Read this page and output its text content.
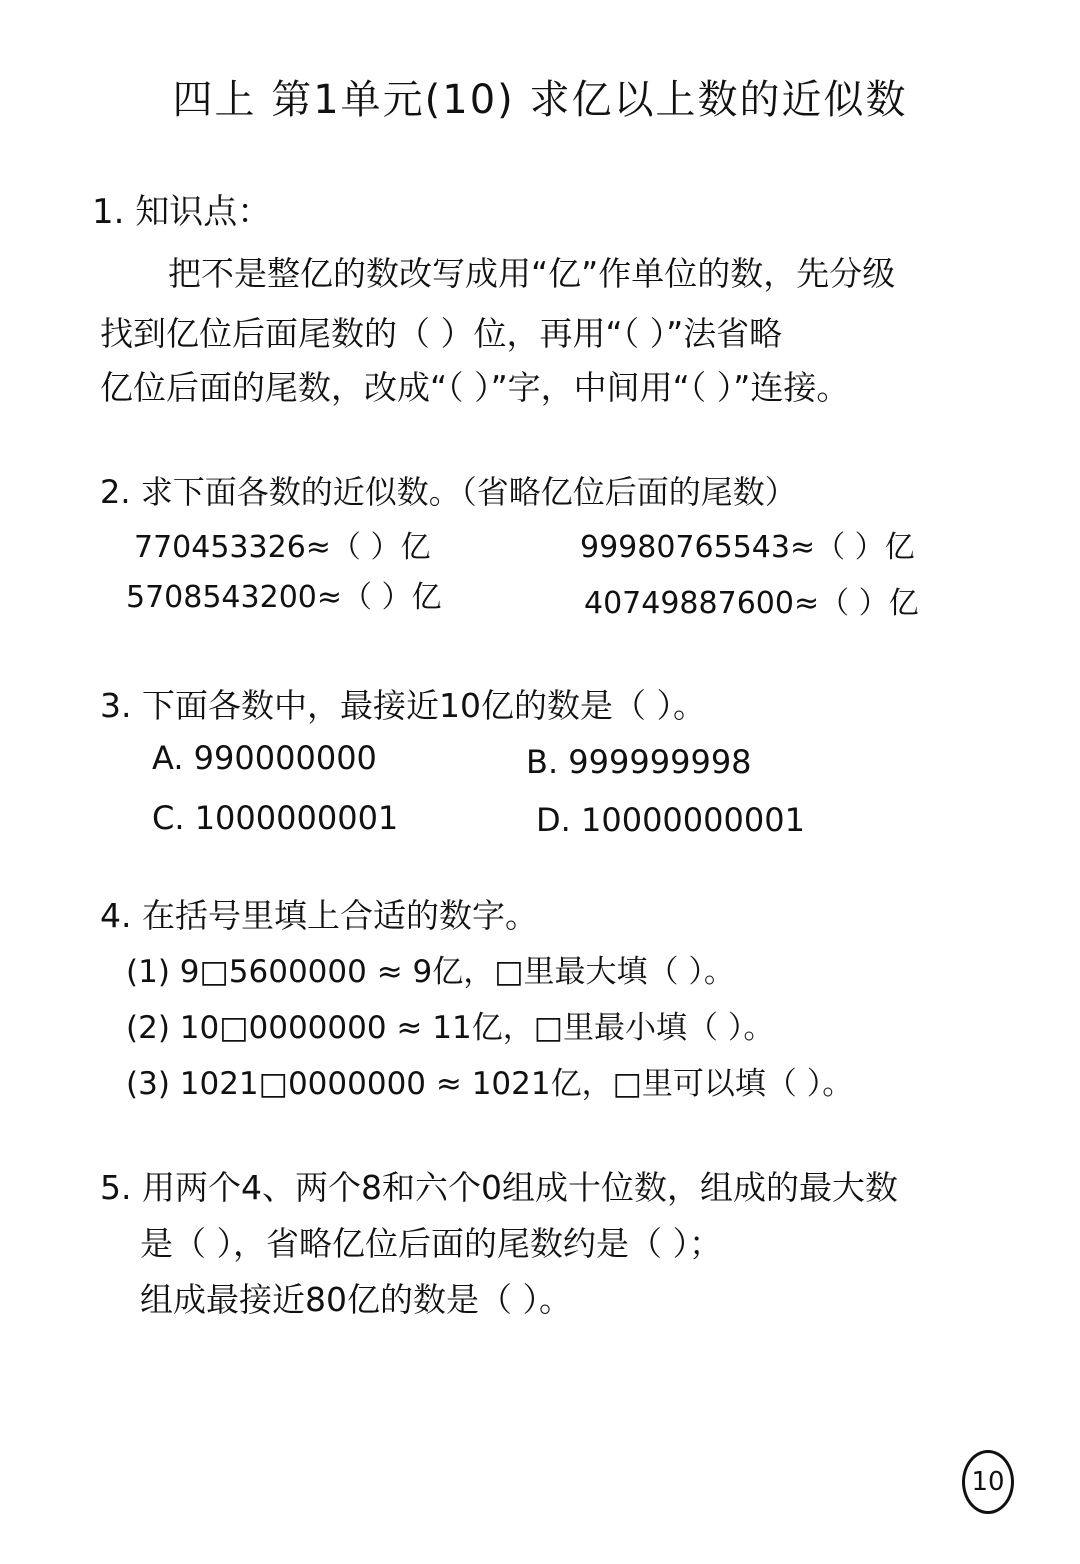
四上 第1单元(10) 求亿以上数的近似数
1. 知识点：
把不是整亿的数改写成用“亿”作单位的数，先分级
找到亿位后面尾数的（ ）位，再用“（ ）”法省略
亿位后面的尾数，改成“（ ）”字，中间用“（ ）”连接。
2. 求下面各数的近似数。（省略亿位后面的尾数）
770453326≈（ ）亿	99980765543≈（ ）亿
5708543200≈（ ）亿	40749887600≈（ ）亿
3. 下面各数中，最接近10亿的数是（ ）。
A. 990000000	B. 999999998
C. 1000000001	D. 10000000001
4. 在括号里填上合适的数字。
(1) 9□5600000 ≈ 9亿，□里最大填（ ）。
(2) 10□0000000 ≈ 11亿，□里最小填（ ）。
(3) 1021□0000000 ≈ 1021亿，□里可以填（ ）。
5. 用两个4、两个8和六个0组成十位数，组成的最大数
是（ ），省略亿位后面的尾数约是（ ）；
组成最接近80亿的数是（ ）。
10
